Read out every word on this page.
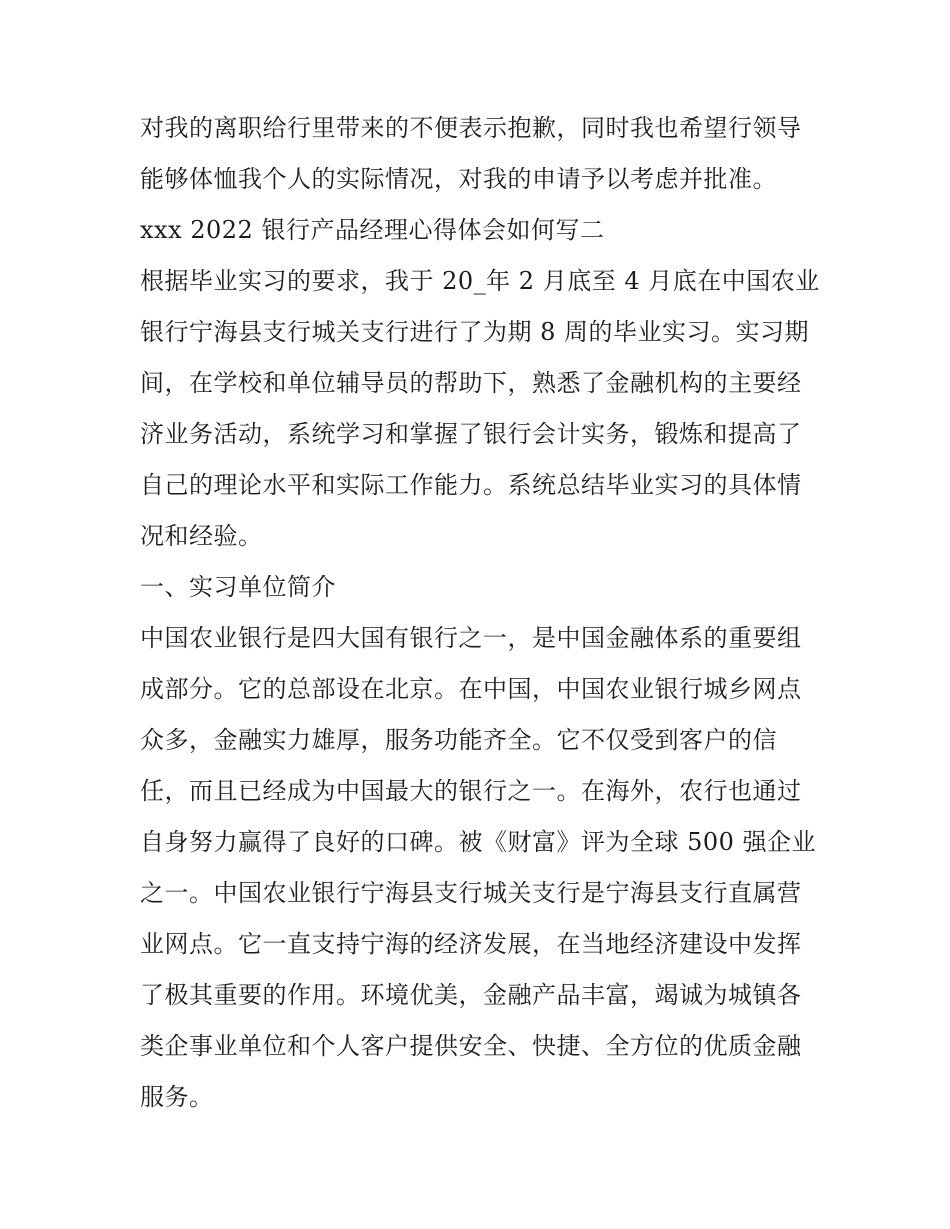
对我的离职给行里带来的不便表示抱歉，同时我也希望行领导
能够体恤我个人的实际情况，对我的申请予以考虑并批准。

xxx 2022 银行产品经理心得体会如何写二

根据毕业实习的要求，我于 20_年 2 月底至 4 月底在中国农业
银行宁海县支行城关支行进行了为期 8 周的毕业实习。实习期
间，在学校和单位辅导员的帮助下，熟悉了金融机构的主要经
济业务活动，系统学习和掌握了银行会计实务，锻炼和提高了
自己的理论水平和实际工作能力。系统总结毕业实习的具体情
况和经验。

一、实习单位简介

中国农业银行是四大国有银行之一，是中国金融体系的重要组
成部分。它的总部设在北京。在中国，中国农业银行城乡网点
众多，金融实力雄厚，服务功能齐全。它不仅受到客户的信
任，而且已经成为中国最大的银行之一。在海外，农行也通过
自身努力赢得了良好的口碑。被《财富》评为全球 500 强企业
之一。中国农业银行宁海县支行城关支行是宁海县支行直属营
业网点。它一直支持宁海的经济发展，在当地经济建设中发挥
了极其重要的作用。环境优美，金融产品丰富，竭诚为城镇各
类企事业单位和个人客户提供安全、快捷、全方位的优质金融
服务。
